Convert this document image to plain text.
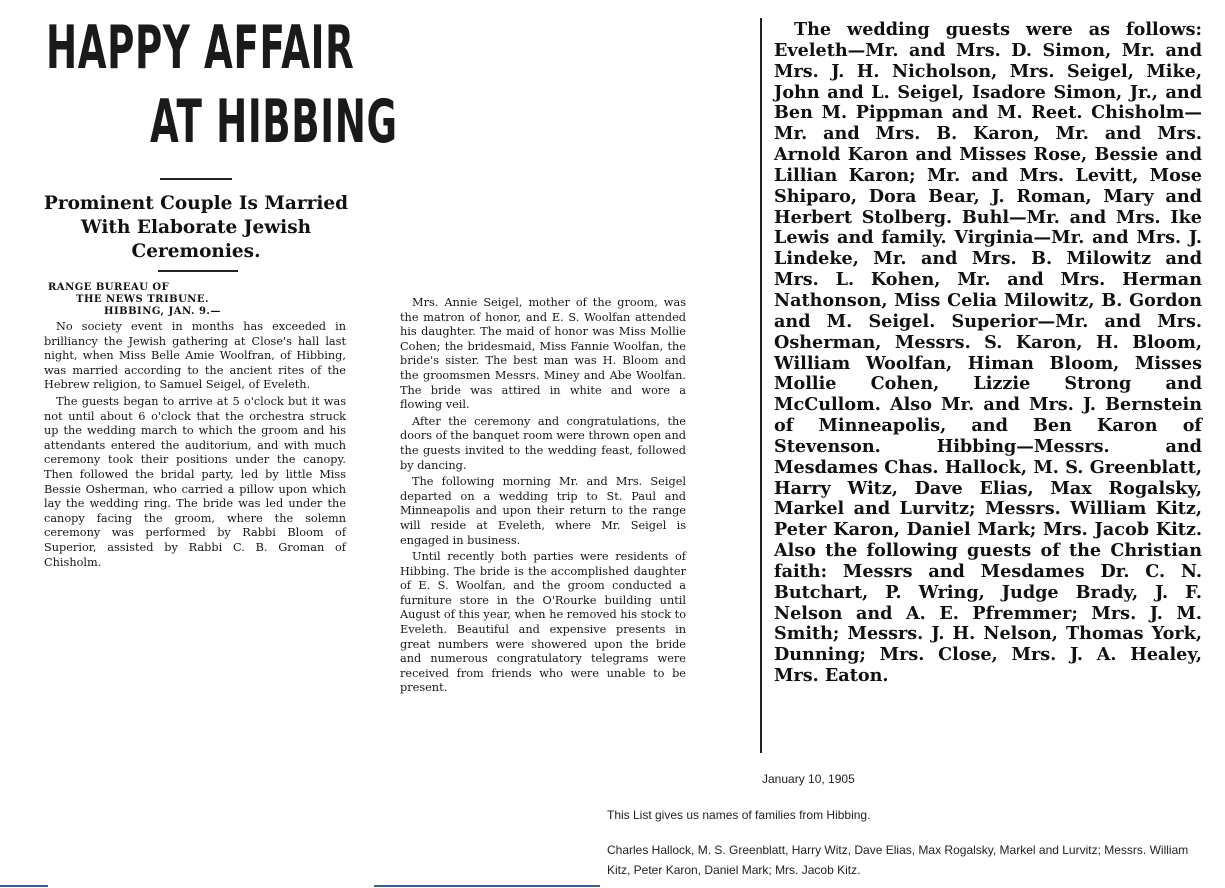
HAPPY AFFAIR
AT HIBBING
Prominent Couple Is Married With Elaborate Jewish Ceremonies.
RANGE BUREAU OF
THE NEWS TRIBUNE.
HIBBING, JAN. 9.—

No society event in months has exceeded in brilliancy the Jewish gathering at Close's hall last night, when Miss Belle Amie Woolfran, of Hibbing, was married according to the ancient rites of the Hebrew religion, to Samuel Seigel, of Eveleth.

The guests began to arrive at 5 o'clock but it was not until about 6 o'clock that the orchestra struck up the wedding march to which the groom and his attendants entered the auditorium, and with much ceremony took their positions under the canopy. Then followed the bridal party, led by little Miss Bessie Osherman, who carried a pillow upon which lay the wedding ring. The bride was led under the canopy facing the groom, where the solemn ceremony was performed by Rabbi Bloom of Superior, assisted by Rabbi C. B. Groman of Chisholm.

Mrs. Annie Seigel, mother of the groom, was the matron of honor, and E. S. Woolfan attended his daughter. The maid of honor was Miss Mollie Cohen; the bridesmaid, Miss Fannie Woolfan, the bride's sister. The best man was H. Bloom and the groomsmen Messrs. Miney and Abe Woolfan. The bride was attired in white and wore a flowing veil.

After the ceremony and congratulations, the doors of the banquet room were thrown open and the guests invited to the wedding feast, followed by dancing.

The following morning Mr. and Mrs. Seigel departed on a wedding trip to St. Paul and Minneapolis and upon their return to the range will reside at Eveleth, where Mr. Seigel is engaged in business.

Until recently both parties were residents of Hibbing. The bride is the accomplished daughter of E. S. Woolfan, and the groom conducted a furniture store in the O'Rourke building until August of this year, when he removed his stock to Eveleth. Beautiful and expensive presents in great numbers were showered upon the bride and numerous congratulatory telegrams were received from friends who were unable to be present.

The wedding guests were as follows: Eveleth—Mr. and Mrs. D. Simon, Mr. and Mrs. J. H. Nicholson, Mrs. Seigel, Mike, John and L. Seigel, Isadore Simon, Jr., and Ben M. Pippman and M. Reet. Chisholm—Mr. and Mrs. B. Karon, Mr. and Mrs. Arnold Karon and Misses Rose, Bessie and Lillian Karon; Mr. and Mrs. Levitt, Mose Shiparo, Dora Bear, J. Roman, Mary and Herbert Stolberg. Buhl—Mr. and Mrs. Ike Lewis and family. Virginia—Mr. and Mrs. J. Lindeke, Mr. and Mrs. B. Milowitz and Mrs. L. Kohen, Mr. and Mrs. Herman Nathonson, Miss Celia Milowitz, B. Gordon and M. Seigel. Superior—Mr. and Mrs. Osherman, Messrs. S. Karon, H. Bloom, William Woolfan, Himan Bloom, Misses Mollie Cohen, Lizzie Strong and McCullom. Also Mr. and Mrs. J. Bernstein of Minneapolis, and Ben Karon of Stevenson. Hibbing—Messrs. and Mesdames Chas. Hallock, M. S. Greenblatt, Harry Witz, Dave Elias, Max Rogalsky, Markel and Lurvitz; Messrs. William Kitz, Peter Karon, Daniel Mark; Mrs. Jacob Kitz. Also the following guests of the Christian faith: Messrs and Mesdames Dr. C. N. Butchart, P. Wring, Judge Brady, J. F. Nelson and A. E. Pfremmer; Mrs. J. M. Smith; Messrs. J. H. Nelson, Thomas York, Dunning; Mrs. Close, Mrs. J. A. Healey, Mrs. Eaton.

January 10, 1905
This List gives us names of families from Hibbing.
Charles Hallock, M. S. Greenblatt, Harry Witz, Dave Elias, Max Rogalsky, Markel and Lurvitz; Messrs. William Kitz, Peter Karon, Daniel Mark; Mrs. Jacob Kitz.
